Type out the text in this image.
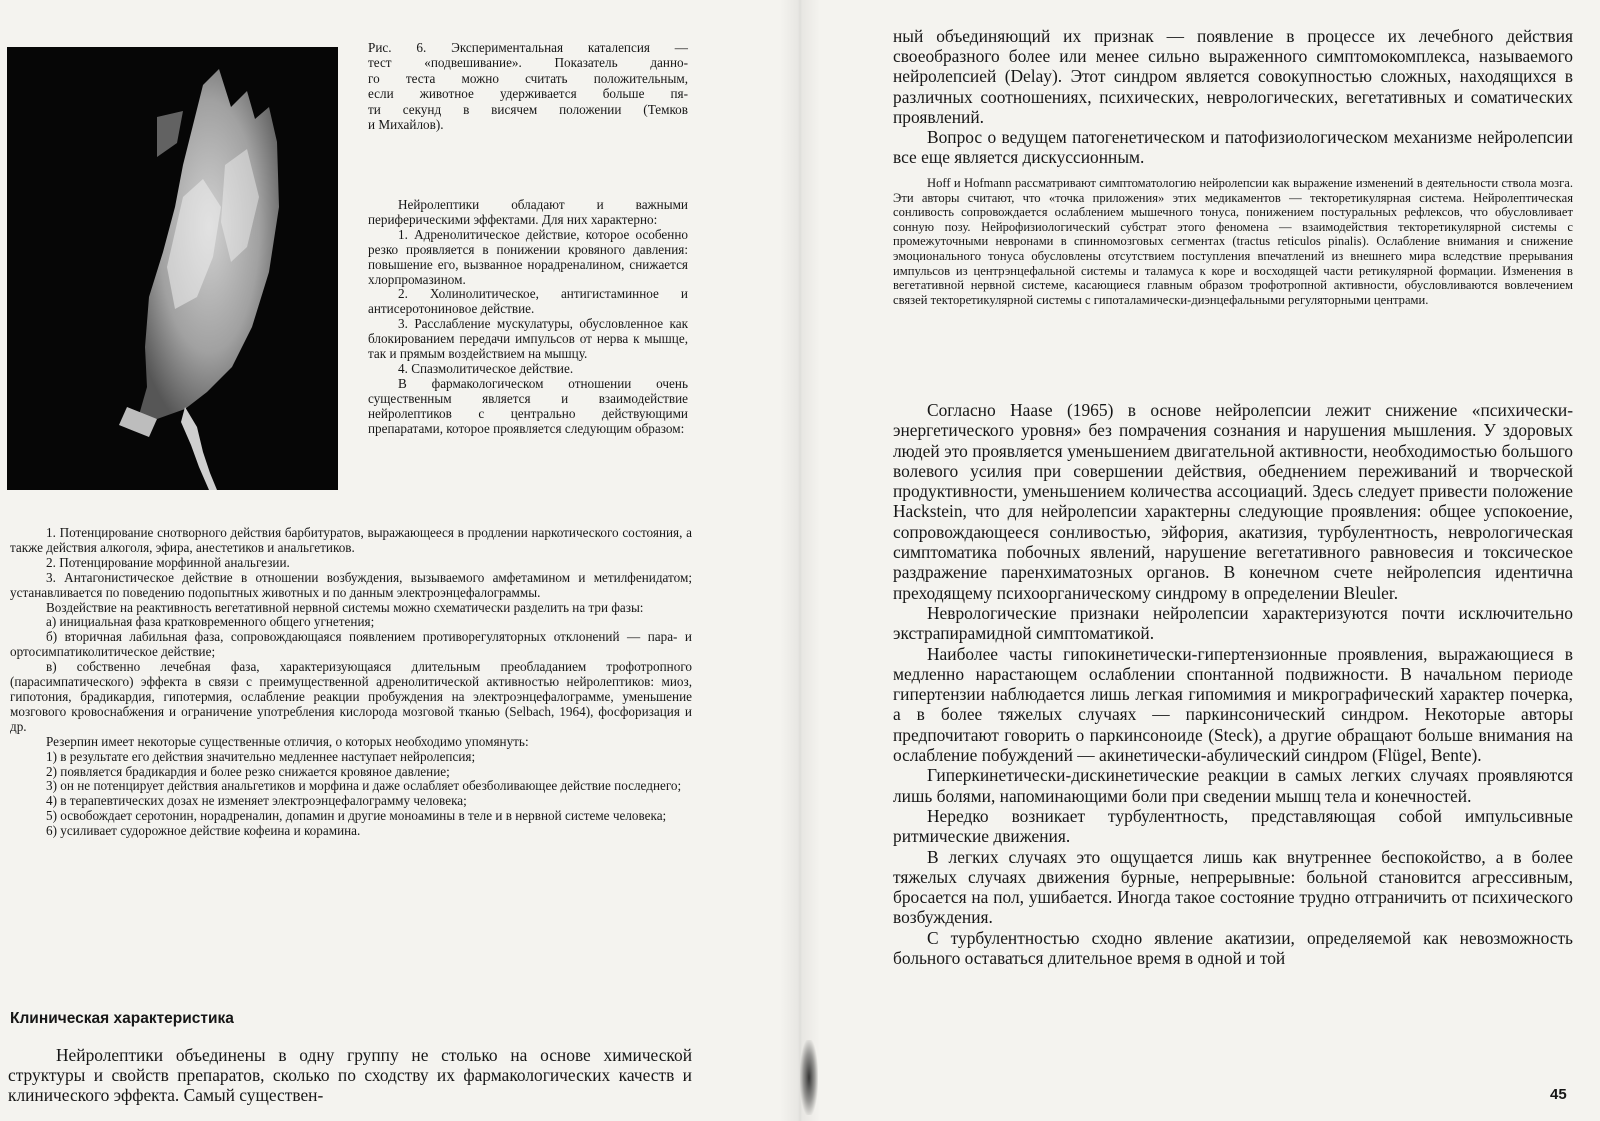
Рис. 6. Экспериментальная каталепсия —
тест «подвешивание». Показатель данно-
го теста можно считать положительным,
если животное удерживается больше пя-
ти секунд в висячем положении (Темков
и Михайлов).

Нейролептики обладают и важными периферическими эффектами. Для них характерно:

1. Адренолитическое действие, которое особенно резко проявляется в понижении кровяного давления: повышение его, вызванное норадреналином, снижается хлорпромазином.

2. Холинолитическое, антигистаминное и антисеротониновое действие.

3. Расслабление мускулатуры, обусловленное как блокированием передачи импульсов от нерва к мышце, так и прямым воздействием на мышцу.

4. Спазмолитическое действие.

В фармакологическом отношении очень существенным является и взаимодействие нейролептиков с центрально действующими препаратами, которое проявляется следующим образом:

1. Потенцирование снотворного действия барбитуратов, выражающееся в продлении наркотического состояния, а также действия алкоголя, эфира, анестетиков и анальгетиков.

2. Потенцирование морфинной анальгезии.

3. Антагонистическое действие в отношении возбуждения, вызываемого амфетамином и метилфенидатом; устанавливается по поведению подопытных животных и по данным электроэнцефалограммы.

Воздействие на реактивность вегетативной нервной системы можно схематически разделить на три фазы:

а) инициальная фаза кратковременного общего угнетения;

б) вторичная лабильная фаза, сопровождающаяся появлением противорегуляторных отклонений — пара- и ортосимпатиколитическое действие;

в) собственно лечебная фаза, характеризующаяся длительным преобладанием трофотропного (парасимпатического) эффекта в связи с преимущественной адренолитической активностью нейролептиков: миоз, гипотония, брадикардия, гипотермия, ослабление реакции пробуждения на электроэнцефалограмме, уменьшение мозгового кровоснабжения и ограничение употребления кислорода мозговой тканью (Selbach, 1964), фосфоризация и др.

Резерпин имеет некоторые существенные отличия, о которых необходимо упомянуть:

1) в результате его действия значительно медленнее наступает нейролепсия;

2) появляется брадикардия и более резко снижается кровяное давление;

3) он не потенцирует действия анальгетиков и морфина и даже ослабляет обезболивающее действие последнего;

4) в терапевтических дозах не изменяет электроэнцефалограмму человека;

5) освобождает серотонин, норадреналин, допамин и другие моноамины в теле и в нервной системе человека;

6) усиливает судорожное действие кофеина и корамина.

Клиническая характеристика

Нейролептики объединены в одну группу не столько на основе химической структуры и свойств препаратов, сколько по сходству их фармакологических качеств и клинического эффекта. Самый существен-

ный объединяющий их признак — появление в процессе их лечебного действия своеобразного более или менее сильно выраженного симптомокомплекса, называемого нейролепсией (Delay). Этот синдром является совокупностью сложных, находящихся в различных соотношениях, психических, неврологических, вегетативных и соматических проявлений.

Вопрос о ведущем патогенетическом и патофизиологическом механизме нейролепсии все еще является дискуссионным.

Hoff и Hofmann рассматривают симптоматологию нейролепсии как выражение изменений в деятельности ствола мозга. Эти авторы считают, что «точка приложения» этих медикаментов — тектоpетикулярная система. Нейролептическая сонливость сопровождается ослаблением мышечного тонуса, понижением постуральных рефлексов, что обусловливает сонную позу. Нейрофизиологический субстрат этого феномена — взаимодействия тектоpетикулярной системы с промежуточными невронами в спинномозговых сегментах (tractus reticulos pinalis). Ослабление внимания и снижение эмоционального тонуса обусловлены отсутствием поступления впечатлений из внешнего мира вследствие прерывания импульсов из центрэнцефальной системы и таламуса к коре и восходящей части ретикулярной формации. Изменения в вегетативной нервной системе, касающиеся главным образом трофотропной активности, обусловливаются вовлечением связей тектоpетикулярной системы с гипоталамически-диэнцефальными регуляторными центрами.

Согласно Haase (1965) в основе нейролепсии лежит снижение «психически-энергетического уровня» без помрачения сознания и нарушения мышления. У здоровых людей это проявляется уменьшением двигательной активности, необходимостью большого волевого усилия при совершении действия, обеднением переживаний и творческой продуктивности, уменьшением количества ассоциаций. Здесь следует привести положение Hackstein, что для нейролепсии характерны следующие проявления: общее успокоение, сопровождающееся сонливостью, эйфория, акатизия, турбулентность, неврологическая симптоматика побочных явлений, нарушение вегетативного равновесия и токсическое раздражение паренхиматозных органов. В конечном счете нейролепсия идентична преходящему психоорганическому синдрому в определении Bleuler.

Неврологические признаки нейролепсии характеризуются почти исключительно экстрапирамидной симптоматикой.

Наиболее часты гипокинетически-гипертензионные проявления, выражающиеся в медленно нарастающем ослаблении спонтанной подвижности. В начальном периоде гипертензии наблюдается лишь легкая гипомимия и микрографический характер почерка, а в более тяжелых случаях — паркинсонический синдром. Некоторые авторы предпочитают говорить о паркинсоноиде (Steck), а другие обращают больше внимания на ослабление побуждений — акинетически-абулический синдром (Flügel, Bente).

Гиперкинетически-дискинетические реакции в самых легких случаях проявляются лишь болями, напоминающими боли при сведении мышц тела и конечностей.

Нередко возникает турбулентность, представляющая собой импульсивные ритмические движения.

В легких случаях это ощущается лишь как внутреннее беспокойство, а в более тяжелых случаях движения бурные, непрерывные: больной становится агрессивным, бросается на пол, ушибается. Иногда такое состояние трудно отграничить от психического возбуждения.

С турбулентностью сходно явление акатизии, определяемой как невозможность больного оставаться длительное время в одной и той

45
